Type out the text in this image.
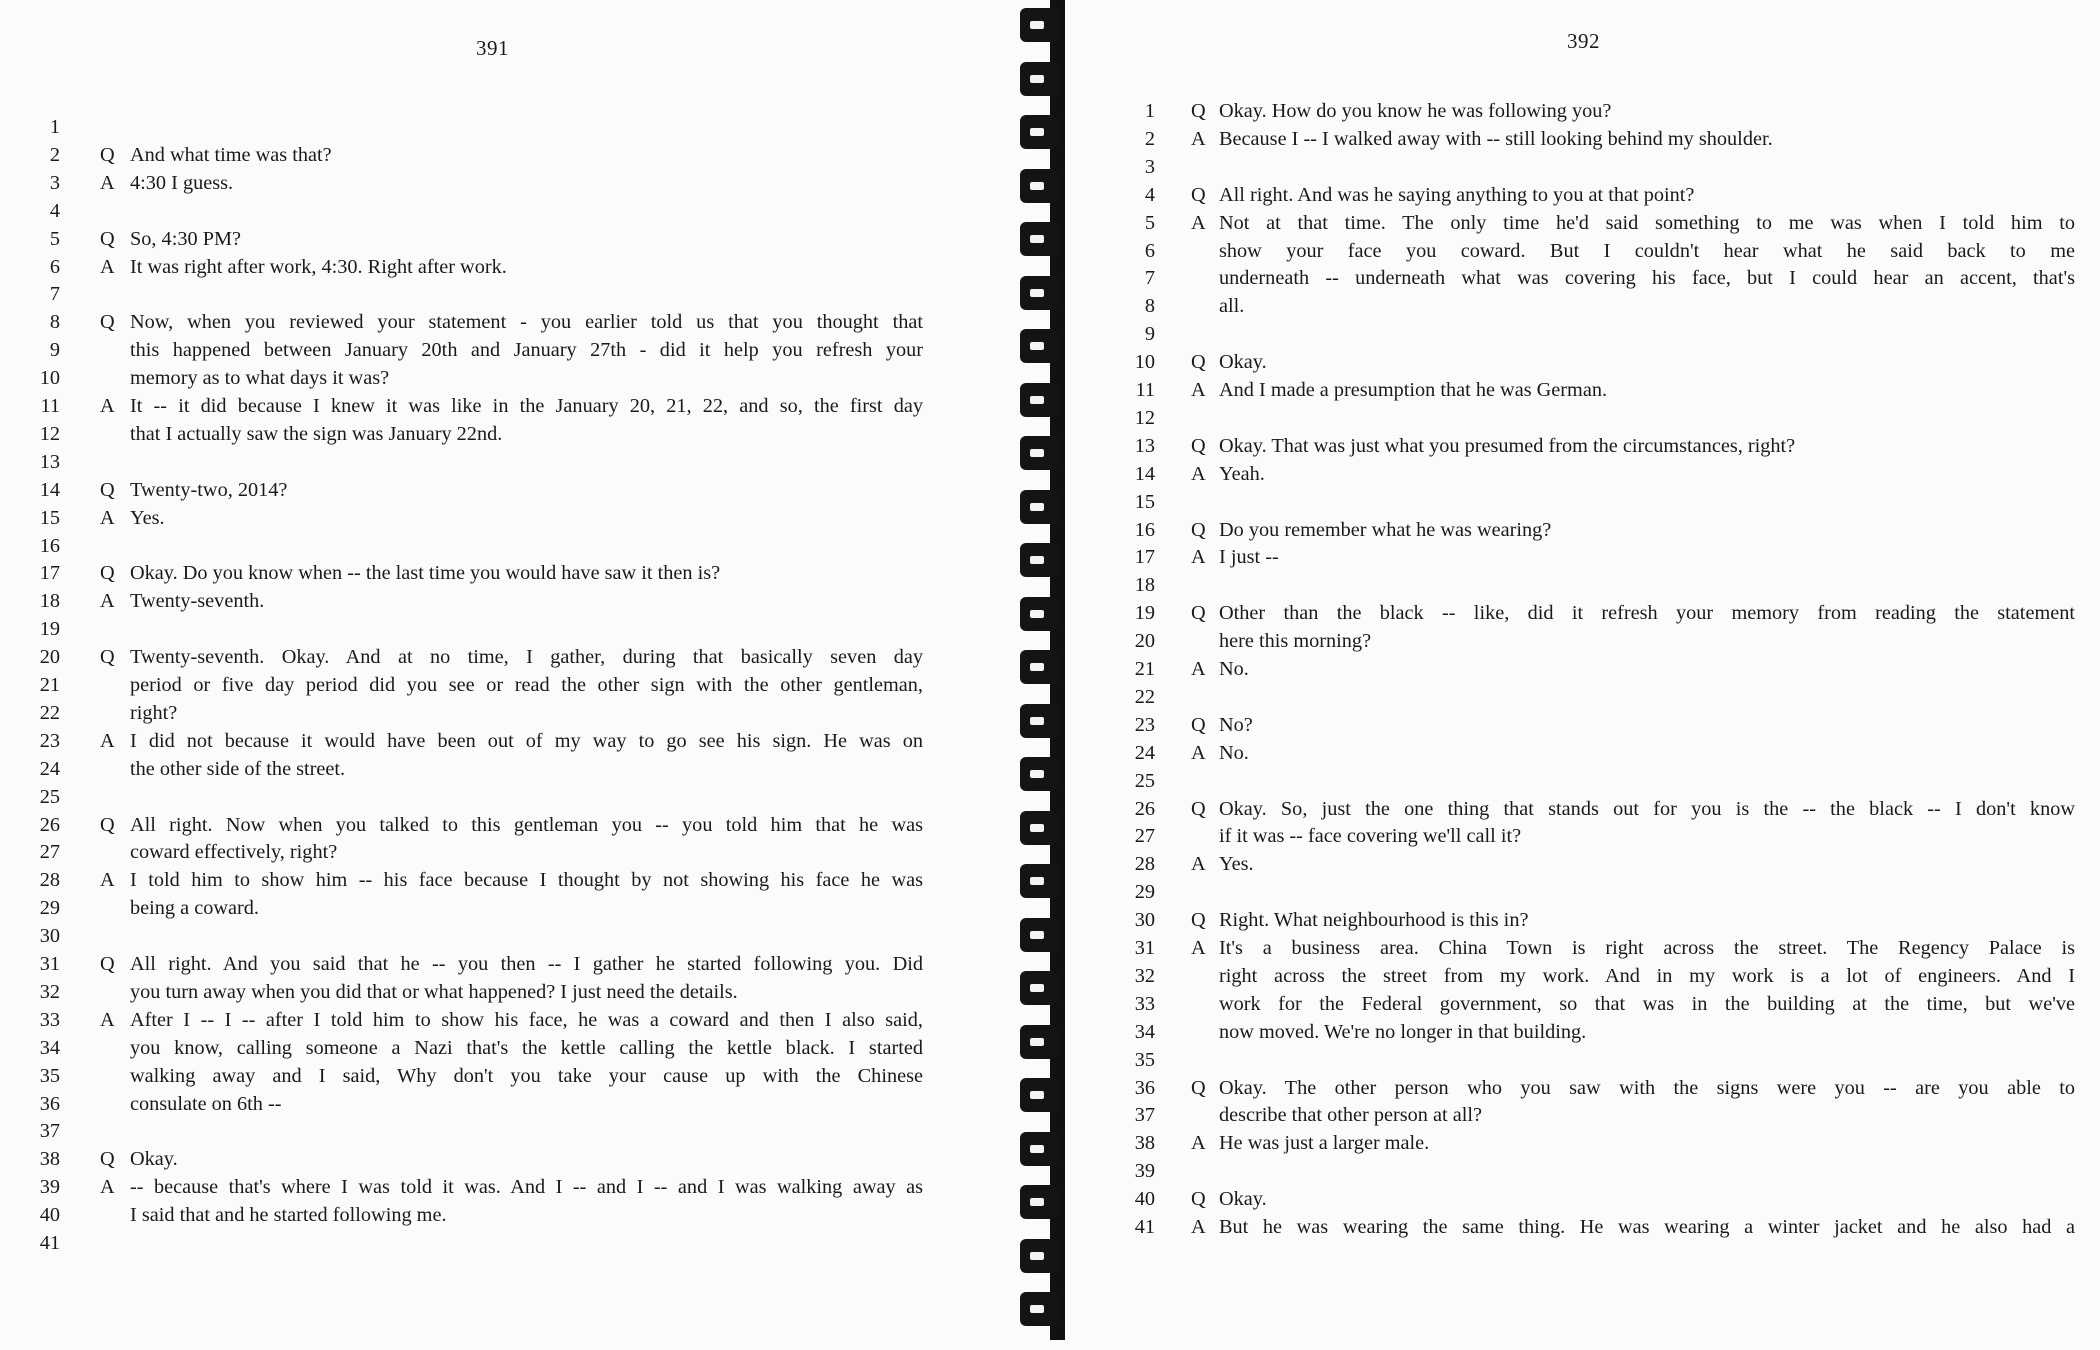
391
1
2 Q And what time was that?
3 A 4:30 I guess.
4
5 Q So, 4:30 PM?
6 A It was right after work, 4:30. Right after work.
7
8 Q Now, when you reviewed your statement - you earlier told us that you thought that
9	this happened between January 20th and January 27th - did it help you refresh your
10	memory as to what days it was?
11 A It -- it did because I knew it was like in the January 20, 21, 22, and so, the first day
12	that I actually saw the sign was January 22nd.
13
14 Q Twenty-two, 2014?
15 A Yes.
16
17 Q Okay. Do you know when -- the last time you would have saw it then is?
18 A Twenty-seventh.
19
20 Q Twenty-seventh. Okay. And at no time, I gather, during that basically seven day
21	period or five day period did you see or read the other sign with the other gentleman,
22	right?
23 A I did not because it would have been out of my way to go see his sign. He was on
24	the other side of the street.
25
26 Q All right. Now when you talked to this gentleman you -- you told him that he was
27	coward effectively, right?
28 A I told him to show him -- his face because I thought by not showing his face he was
29	being a coward.
30
31 Q All right. And you said that he -- you then -- I gather he started following you. Did
32	you turn away when you did that or what happened? I just need the details.
33 A After I -- I -- after I told him to show his face, he was a coward and then I also said,
34	you know, calling someone a Nazi that's the kettle calling the kettle black. I started
35	walking away and I said, Why don't you take your cause up with the Chinese
36	consulate on 6th --
37
38 Q Okay.
39 A -- because that's where I was told it was. And I -- and I -- and I was walking away as
40	I said that and he started following me.
41
392
1 Q Okay. How do you know he was following you?
2 A Because I -- I walked away with -- still looking behind my shoulder.
3
4 Q All right. And was he saying anything to you at that point?
5 A Not at that time. The only time he'd said something to me was when I told him to
6	show your face you coward. But I couldn't hear what he said back to me
7	underneath -- underneath what was covering his face, but I could hear an accent, that's
8	all.
9
10 Q Okay.
11 A And I made a presumption that he was German.
12
13 Q Okay. That was just what you presumed from the circumstances, right?
14 A Yeah.
15
16 Q Do you remember what he was wearing?
17 A I just --
18
19 Q Other than the black -- like, did it refresh your memory from reading the statement
20	here this morning?
21 A No.
22
23 Q No?
24 A No.
25
26 Q Okay. So, just the one thing that stands out for you is the -- the black -- I don't know
27	if it was -- face covering we'll call it?
28 A Yes.
29
30 Q Right. What neighbourhood is this in?
31 A It's a business area. China Town is right across the street. The Regency Palace is
32	right across the street from my work. And in my work is a lot of engineers. And I
33	work for the Federal government, so that was in the building at the time, but we've
34	now moved. We're no longer in that building.
35
36 Q Okay. The other person who you saw with the signs were you -- are you able to
37	describe that other person at all?
38 A He was just a larger male.
39
40 Q Okay.
41 A But he was wearing the same thing. He was wearing a winter jacket and he also had a
